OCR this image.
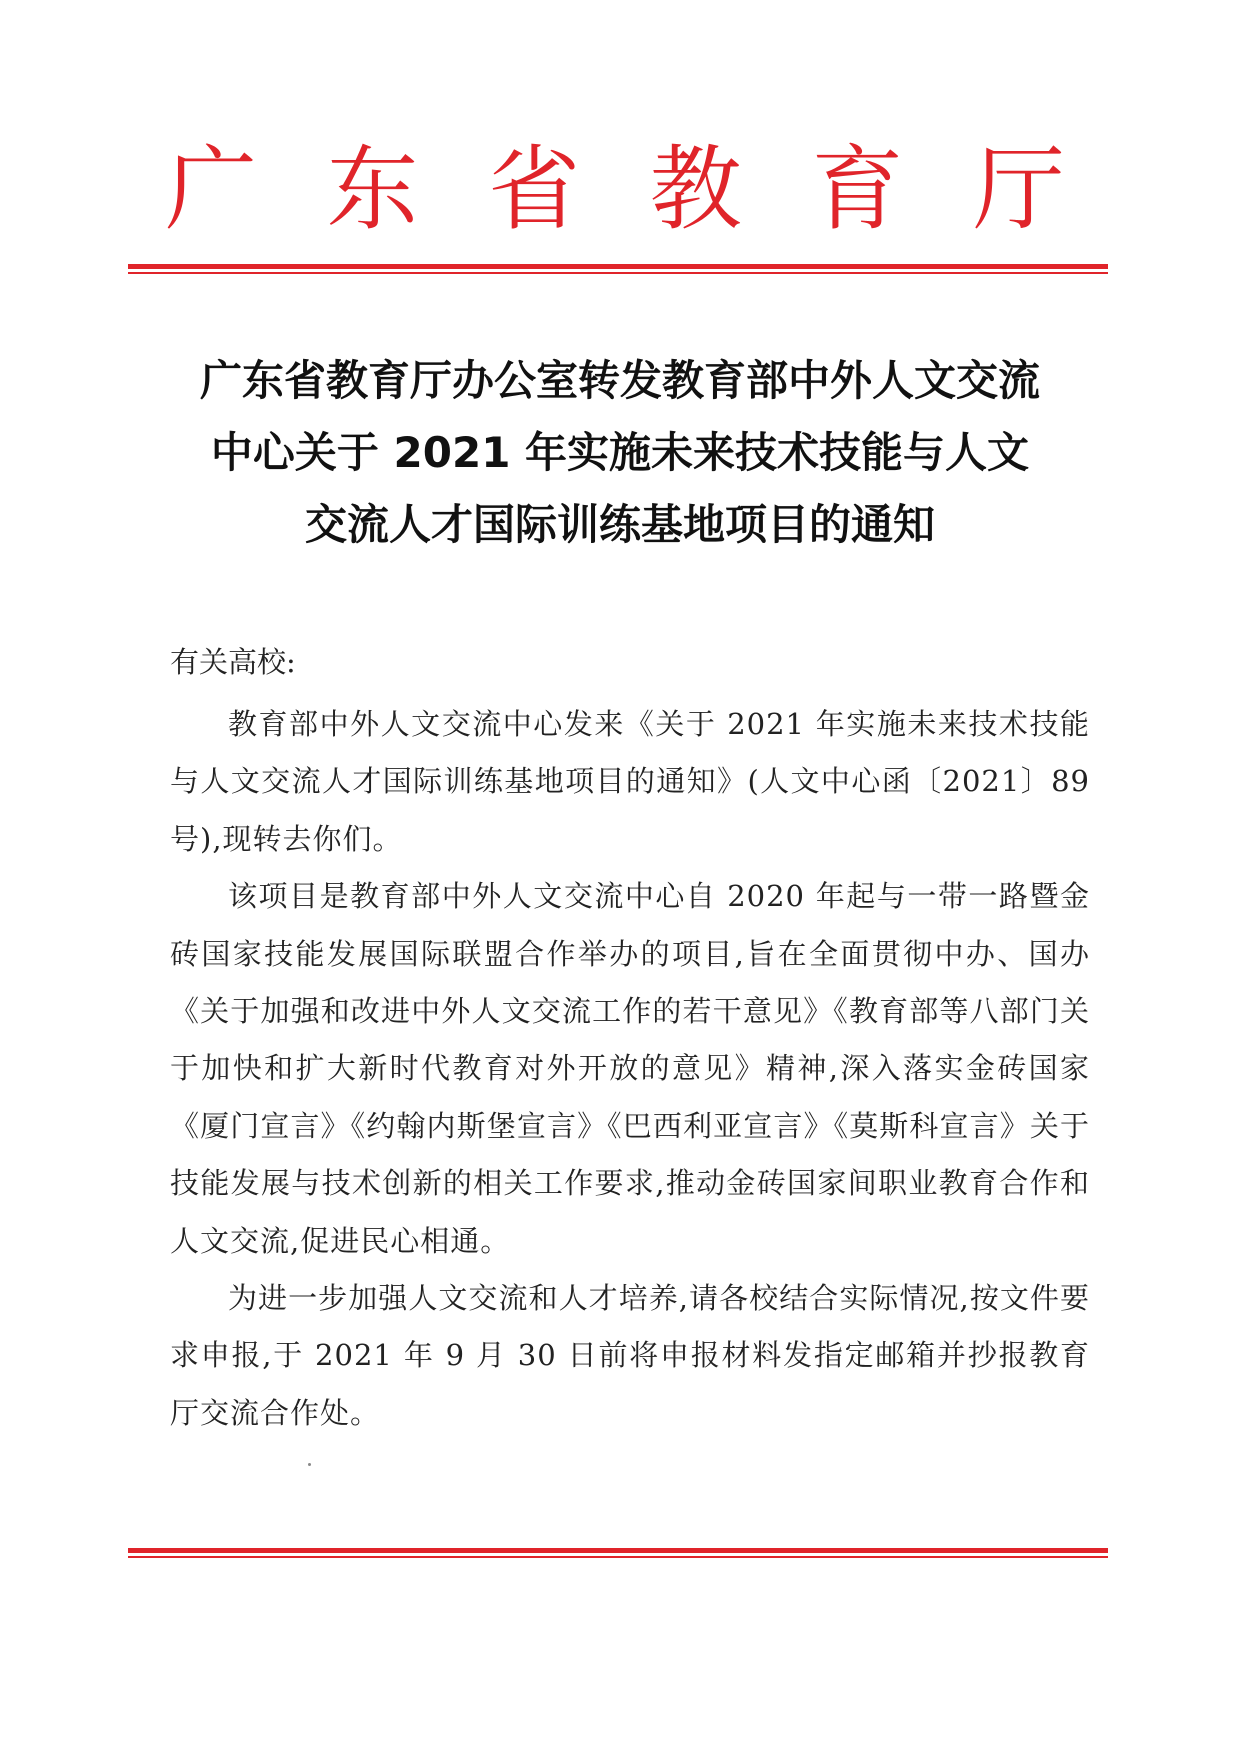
广 东 省 教 育 厅
广东省教育厅办公室转发教育部中外人文交流
中心关于 2021 年实施未来技术技能与人文
交流人才国际训练基地项目的通知
有关高校:

教育部中外人文交流中心发来《关于 2021 年实施未来技术技能与人文交流人才国际训练基地项目的通知》(人文中心函〔2021〕89 号),现转去你们。

该项目是教育部中外人文交流中心自 2020 年起与一带一路暨金砖国家技能发展国际联盟合作举办的项目,旨在全面贯彻中办、国办《关于加强和改进中外人文交流工作的若干意见》《教育部等八部门关于加快和扩大新时代教育对外开放的意见》精神,深入落实金砖国家《厦门宣言》《约翰内斯堡宣言》《巴西利亚宣言》《莫斯科宣言》关于技能发展与技术创新的相关工作要求,推动金砖国家间职业教育合作和人文交流,促进民心相通。

为进一步加强人文交流和人才培养,请各校结合实际情况,按文件要求申报,于 2021 年 9 月 30 日前将申报材料发指定邮箱并抄报教育厅交流合作处。
